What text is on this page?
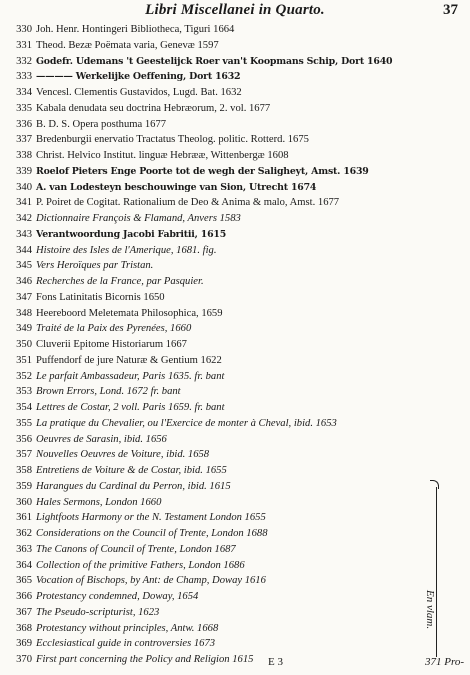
Libri Miscellanei in Quarto.	37
330 Joh. Henr. Hontingeri Bibliotheca, Tiguri 1664
331 Theod. Bezæ Poëmata varia, Genevæ 1597
332 Godefr. Udemans 't Geestelijck Roer van't Koopmans Schip, Dort 1640
333 ———— Werkelijke Oeffening, Dort 1632
334 Vencesl. Clementis Gustavidos, Lugd. Bat. 1632
335 Kabala denudata seu doctrina Hebræorum, 2. vol. 1677
336 B. D. S. Opera posthuma 1677
337 Bredenburgii enervatio Tractatus Theolog. politic. Rotterd. 1675
338 Christ. Helvico Institut. linguæ Hebrææ, Wittenbergæ 1608
339 Roelof Pieters Enge Poorte tot de wegh der Saligheyt, Amst. 1639
340 A. van Lodesteyn beschouwinge van Sion, Utrecht 1674
341 P. Poiret de Cogitat. Rationalium de Deo & Anima & malo, Amst. 1677
342 Dictionnaire François & Flamand, Anvers 1583
343 Verantwoordung Jacobi Fabritii, 1615
344 Histoire des Isles de l'Amerique, 1681. fig.
345 Vers Heroïques par Tristan.
346 Recherches de la France, par Pasquier.
347 Fons Latinitatis Bicornis 1650
348 Heereboord Meletemata Philosophica, 1659
349 Traité de la Paix des Pyrenées, 1660
350 Cluverii Epitome Historiarum 1667
351 Puffendorf de jure Naturæ & Gentium 1622
352 Le parfait Ambassadeur, Paris 1635. fr. bant
353 Brown Errors, Lond. 1672 fr. bant
354 Lettres de Costar, 2 voll. Paris 1659. fr. bant
355 La pratique du Chevalier, ou l'Exercice de monter à Cheval, ibid. 1653
356 Oeuvres de Sarasin, ibid. 1656
357 Nouvelles Oeuvres de Voiture, ibid. 1658
358 Entretiens de Voiture & de Costar, ibid. 1655
359 Harangues du Cardinal du Perron, ibid. 1615
360 Hales Sermons, London 1660
361 Lightfoots Harmony or the N. Testament London 1655
362 Considerations on the Council of Trente, London 1688
363 The Canons of Council of Trente, London 1687
364 Collection of the primitive Fathers, London 1686
365 Vocation of Bischops, by Ant: de Champ, Doway 1616
366 Protestancy condemned, Doway, 1654
367 The Pseudo-scripturist, 1623
368 Protestancy without principles, Antw. 1668
369 Ecclesiastical guide in controversies 1673
370 First part concerning the Policy and Religion 1615
En vlam.
E 3	371 Pro-
